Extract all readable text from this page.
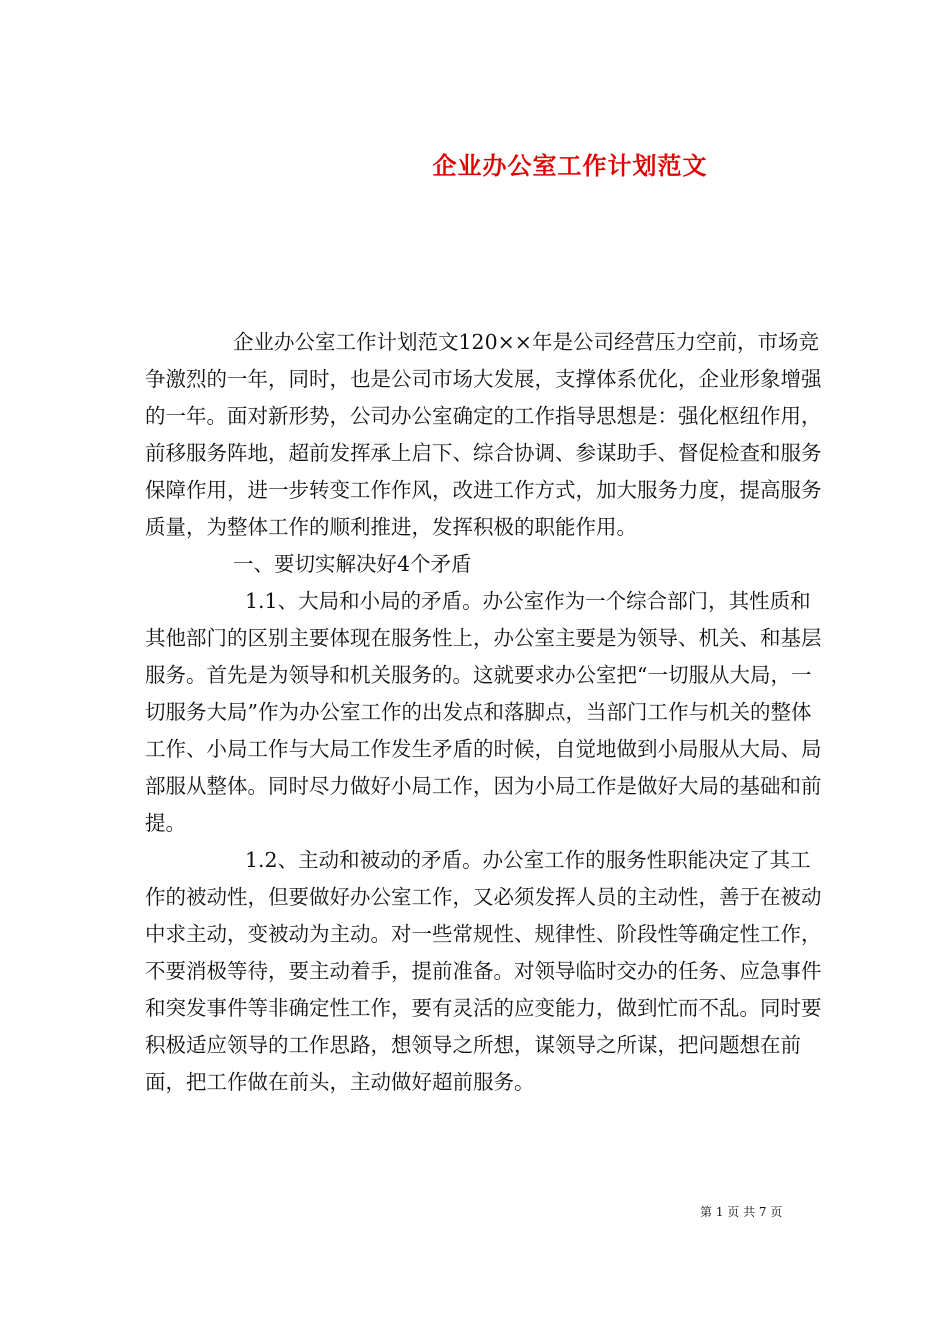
企业办公室工作计划范文

企业办公室工作计划范文120××年是公司经营压力空前，市场竞争激烈的一年，同时，也是公司市场大发展，支撑体系优化，企业形象增强的一年。面对新形势，公司办公室确定的工作指导思想是：强化枢纽作用，前移服务阵地，超前发挥承上启下、综合协调、参谋助手、督促检查和服务保障作用，进一步转变工作作风，改进工作方式，加大服务力度，提高服务质量，为整体工作的顺利推进，发挥积极的职能作用。

一、要切实解决好4个矛盾

1.1、大局和小局的矛盾。办公室作为一个综合部门，其性质和其他部门的区别主要体现在服务性上，办公室主要是为领导、机关、和基层服务。首先是为领导和机关服务的。这就要求办公室把“一切服从大局，一切服务大局”作为办公室工作的出发点和落脚点，当部门工作与机关的整体工作、小局工作与大局工作发生矛盾的时候，自觉地做到小局服从大局、局部服从整体。同时尽力做好小局工作，因为小局工作是做好大局的基础和前提。

1.2、主动和被动的矛盾。办公室工作的服务性职能决定了其工作的被动性，但要做好办公室工作，又必须发挥人员的主动性，善于在被动中求主动，变被动为主动。对一些常规性、规律性、阶段性等确定性工作，不要消极等待，要主动着手，提前准备。对领导临时交办的任务、应急事件和突发事件等非确定性工作，要有灵活的应变能力，做到忙而不乱。同时要积极适应领导的工作思路，想领导之所想，谋领导之所谋，把问题想在前面，把工作做在前头，主动做好超前服务。

第 1 页 共 7 页
